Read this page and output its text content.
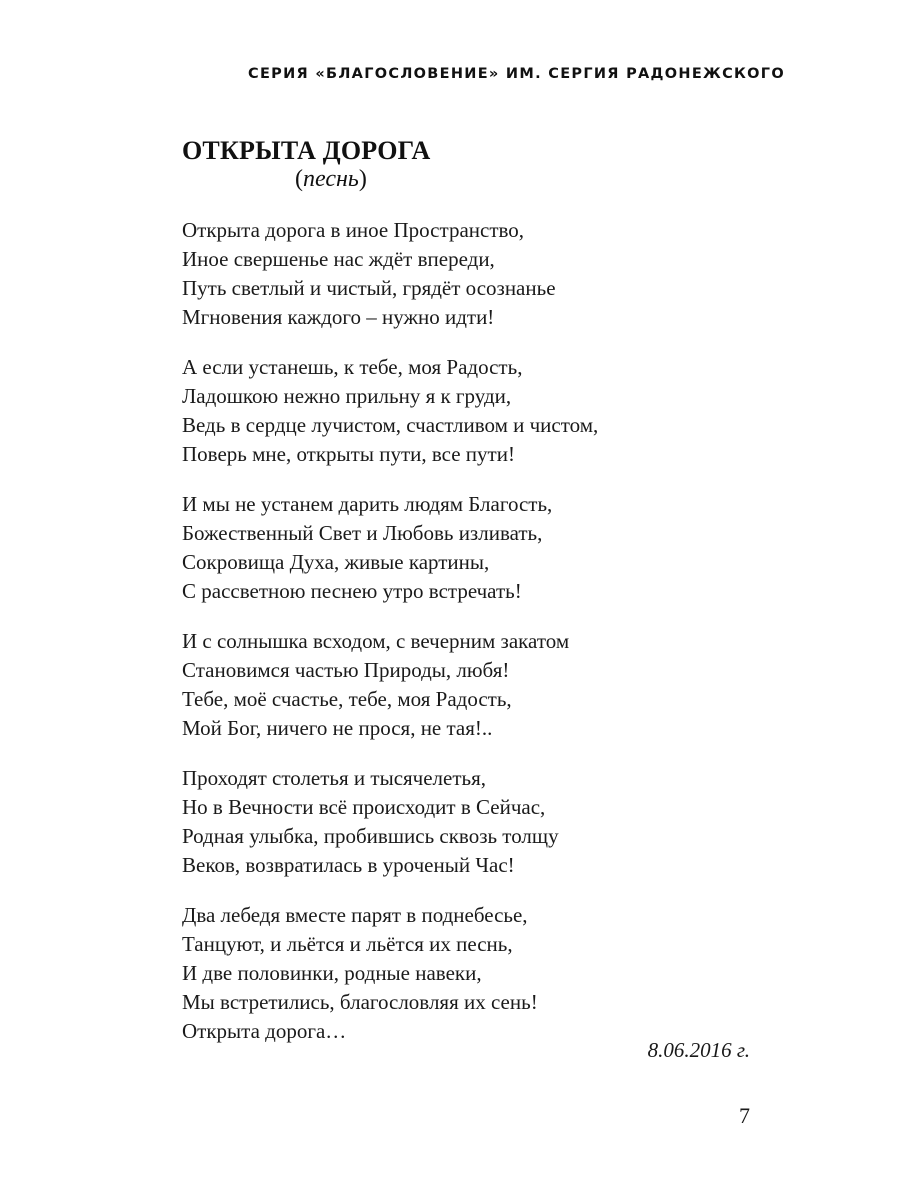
СЕРИЯ «БЛАГОСЛОВЕНИЕ» ИМ. СЕРГИЯ РАДОНЕЖСКОГО
ОТКРЫТА ДОРОГА
(песнь)
Открыта дорога в иное Пространство,
Иное свершенье нас ждёт впереди,
Путь светлый и чистый, грядёт осознанье
Мгновения каждого – нужно идти!
А если устанешь, к тебе, моя Радость,
Ладошкою нежно прильну я к груди,
Ведь в сердце лучистом, счастливом и чистом,
Поверь мне, открыты пути, все пути!
И мы не устанем дарить людям Благость,
Божественный Свет и Любовь изливать,
Сокровища Духа, живые картины,
С рассветною песнею утро встречать!
И с солнышка всходом, с вечерним закатом
Становимся частью Природы, любя!
Тебе, моё счастье, тебе, моя Радость,
Мой Бог, ничего не прося, не тая!..
Проходят столетья и тысячелетья,
Но в Вечности всё происходит в Сейчас,
Родная улыбка, пробившись сквозь толщу
Веков, возвратилась в уроченый Час!
Два лебедя вместе парят в поднебесье,
Танцуют, и льётся и льётся их песнь,
И две половинки, родные навеки,
Мы встретились, благословляя их сень!
Открыта дорога…
8.06.2016 г.
7
